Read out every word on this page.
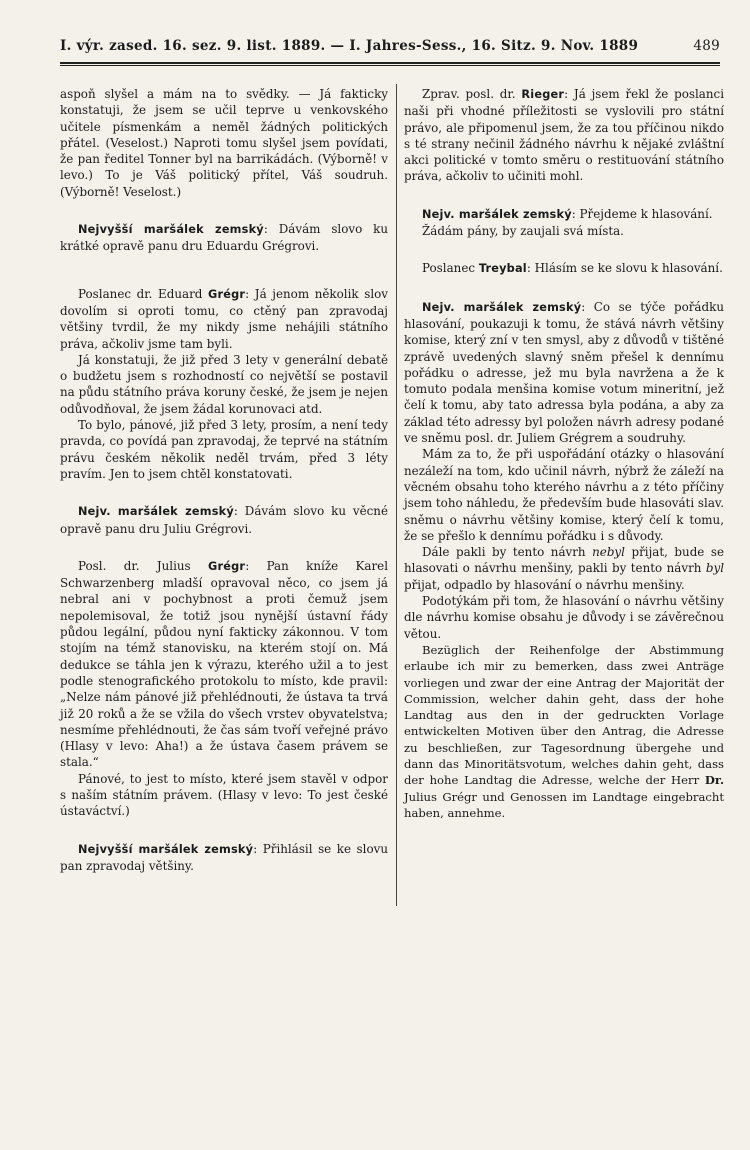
I. výr. zased. 16. sez. 9. list. 1889. — I. Jahres-Sess., 16. Sitz. 9. Nov. 1889	489

aspoň slyšel a mám na to svědky. — Já fakticky konstatuji, že jsem se učil teprve u venkovského učitele písmenkám a neměl žádných politických přátel. (Veselost.) Naproti tomu slyšel jsem povídati, že pan ředitel Tonner byl na barrikádách. (Výborně! v levo.) To je Váš politický přítel, Váš soudruh. (Výborně! Veselost.)

Nejvyšší maršálek zemský: Dávám slovo ku krátké opravě panu dru Eduardu Grégrovi.

Poslanec dr. Eduard Grégr: Já jenom několik slov dovolím si oproti tomu, co ctěný pan zpravodaj většiny tvrdil, že my nikdy jsme nehájili státního práva, ačkoliv jsme tam byli.

Já konstatuji, že již před 3 lety v generální debatě o budžetu jsem s rozhodností co největší se postavil na půdu státního práva koruny české, že jsem je nejen odůvodňoval, že jsem žádal korunovaci atd.

To bylo, pánové, již před 3 lety, prosím, a není tedy pravda, co povídá pan zpravodaj, že teprvé na státním právu českém několik neděl trvám, před 3 léty pravím. Jen to jsem chtěl konstatovati.

Nejv. maršálek zemský: Dávám slovo ku věcné opravě panu dru Juliu Grégrovi.

Posl. dr. Julius Grégr: Pan kníže Karel Schwarzenberg mladší opravoval něco, co jsem já nebral ani v pochybnost a proti čemuž jsem nepolemisoval, že totiž jsou nynější ústavní řády půdou legální, půdou nyní fakticky zákonnou. V tom stojím na témž stanovisku, na kterém stojí on. Má dedukce se táhla jen k výrazu, kterého užil a to jest podle stenografického protokolu to místo, kde pravil: „Nelze nám pánové již přehlédnouti, že ústava ta trvá již 20 roků a že se vžila do všech vrstev obyvatelstva; nesmíme přehlédnouti, že čas sám tvoří veřejné právo (Hlasy v levo: Aha!) a že ústava časem právem se stala.“

Pánové, to jest to místo, které jsem stavěl v odpor s naším státním právem. (Hlasy v levo: To jest české ústaváctví.)

Nejvyšší maršálek zemský: Přihlásil se ke slovu pan zpravodaj většiny.

Zprav. posl. dr. Rieger: Já jsem řekl že poslanci naši při vhodné příležitosti se vyslovili pro státní právo, ale připomenul jsem, že za tou příčinou nikdo s té strany nečinil žádného návrhu k nějaké zvláštní akci politické v tomto směru o restituování státního práva, ačkoliv to učiniti mohl.

Nejv. maršálek zemský: Přejdeme k hlasování.

Žádám pány, by zaujali svá místa.

Poslanec Treybal: Hlásím se ke slovu k hlasování.

Nejv. maršálek zemský: Co se týče pořádku hlasování, poukazuji k tomu, že stává návrh většiny komise, který zní v ten smysl, aby z důvodů v tištěné zprávě uvedených slavný sněm přešel k dennímu pořádku o adresse, jež mu byla navržena a že k tomuto podala menšina komise votum mineritní, jež čelí k tomu, aby tato adressa byla podána, a aby za základ této adressy byl položen návrh adresy podané ve sněmu posl. dr. Juliem Grégrem a soudruhy.

Mám za to, že při uspořádání otázky o hlasování nezáleží na tom, kdo učinil návrh, nýbrž že záleží na věcném obsahu toho kterého návrhu a z této příčiny jsem toho náhledu, že především bude hlasováti slav. sněmu o návrhu většiny komise, který čelí k tomu, že se přešlo k dennímu pořádku i s důvody.

Dále pakli by tento návrh nebyl přijat, bude se hlasovati o návrhu menšiny, pakli by tento návrh byl přijat, odpadlo by hlasování o návrhu menšiny.

Podotýkám při tom, že hlasování o návrhu většiny dle návrhu komise obsahu je důvody i se závěrečnou větou.

Bezüglich der Reihenfolge der Abstimmung erlaube ich mir zu bemerken, dass zwei Anträge vorliegen und zwar der eine Antrag der Majorität der Commission, welcher dahin geht, dass der hohe Landtag aus den in der gedruckten Vorlage entwickelten Motiven über den Antrag, die Adresse zu beschließen, zur Tagesordnung übergehe und dann das Minoritätsvotum, welches dahin geht, dass der hohe Landtag die Adresse, welche der Herr Dr. Julius Grégr und Genossen im Landtage eingebracht haben, annehme.
